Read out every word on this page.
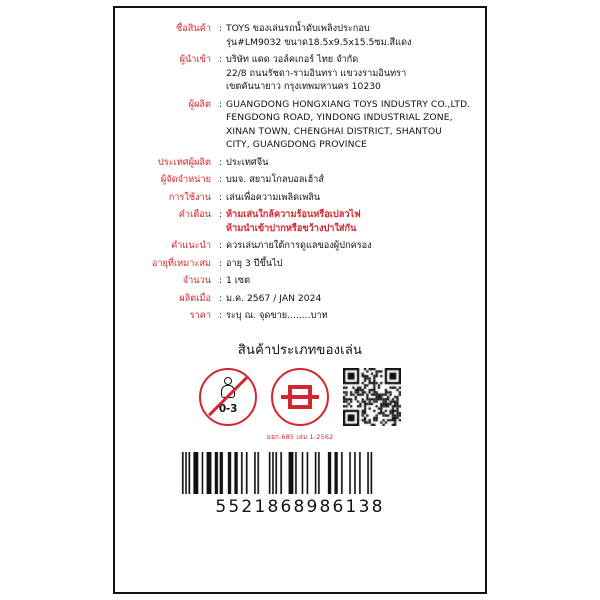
ชื่อสินค้า : TOYS ของเล่นรถน้ำดับเพลิงประกอบ
รุ่น#LM9032 ขนาด18.5x9.5x15.5ซม.สีแดง
ผู้นำเข้า : บริษัท แดด วอล์คเกอร์ ไทย จำกัด
22/8 ถนนรัชดา-รามอินทรา แขวงรามอินทรา
เขตคันนายาว กรุงเทพมหานคร 10230
ผู้ผลิต : GUANGDONG HONGXIANG TOYS INDUSTRY CO.,LTD.
FENGDONG ROAD, YINDONG INDUSTRIAL ZONE,
XINAN TOWN, CHENGHAI DISTRICT, SHANTOU
CITY, GUANGDONG PROVINCE
ประเทศผู้ผลิต : ประเทศจีน
ผู้จัดจำหน่าย : บมจ. สยามโกลบอลเฮ้าส์
การใช้งาน : เล่นเพื่อความเพลิดเพลิน
คำเตือน : ห้ามเล่นใกล้ความร้อนหรือเปลวไฟ
ห้ามนำเข้าปากหรือขว้างปาใส่กัน
คำแนะนำ : ควรเล่นภายใต้การดูแลของผู้ปกครอง
อายุที่เหมาะสม : อายุ 3 ปีขึ้นไป
จำนวน : 1 เซต
ผลิตเมื่อ : ม.ค. 2567 / JAN 2024
ราคา : ระบุ ณ. จุดขาย........บาท
สินค้าประเภทของเล่น
0-3
มอก.685 เล่ม 1-2562
5521868986138
